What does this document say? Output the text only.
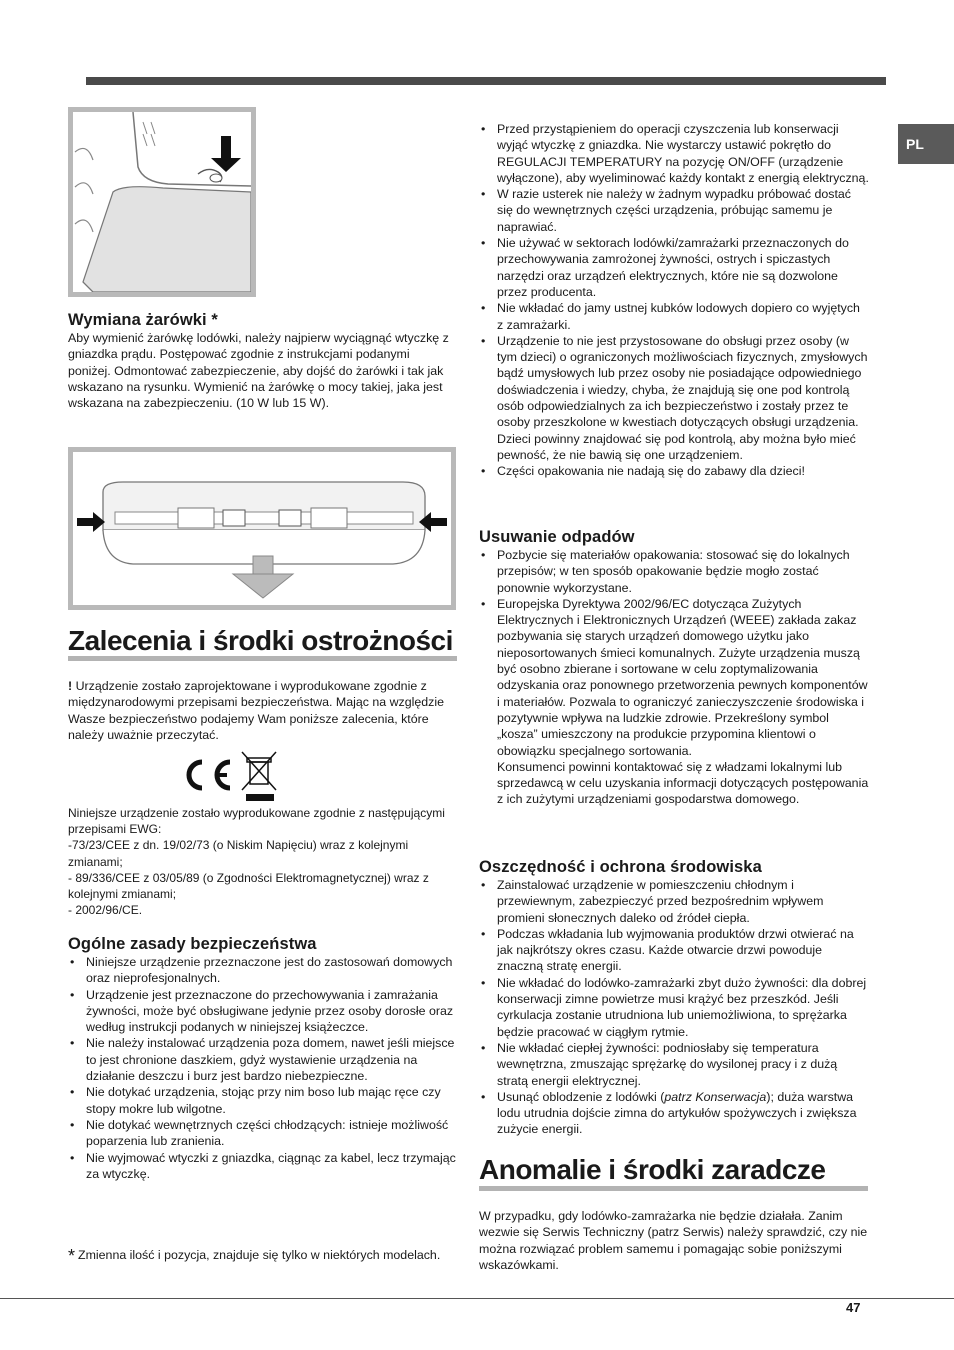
PL
Wymiana żarówki *

Aby wymienić żarówkę lodówki, należy najpierw wyciągnąć wtyczkę z gniazdka prądu. Postępować zgodnie z instrukcjami podanymi poniżej. Odmontować zabezpieczenie, aby dojść do żarówki i tak jak wskazano na rysunku. Wymienić na żarówkę o mocy takiej, jaka jest wskazana na zabezpieczeniu. (10 W lub 15 W).

Zalecenia i środki ostrożności

! Urządzenie zostało zaprojektowane i wyprodukowane zgodnie z międzynarodowymi przepisami bezpieczeństwa. Mając na względzie Wasze bezpieczeństwo podajemy Wam poniższe zalecenia, które należy uważnie przeczytać.

Niniejsze urządzenie zostało wyprodukowane zgodnie z następującymi przepisami EWG:

-73/23/CEE z dn. 19/02/73 (o Niskim Napięciu) wraz z kolejnymi zmianami;

- 89/336/CEE z 03/05/89 (o Zgodności Elektromagnetycznej) wraz z kolejnymi zmianami;

- 2002/96/CE.

Ogólne zasady bezpieczeństwa
• Niniejsze urządzenie przeznaczone jest do zastosowań domowych oraz nieprofesjonalnych.
• Urządzenie jest przeznaczone do przechowywania i zamrażania żywności, może być obsługiwane jedynie przez osoby dorosłe oraz według instrukcji podanych w niniejszej książeczce.
• Nie należy instalować urządzenia poza domem, nawet jeśli miejsce to jest chronione daszkiem, gdyż wystawienie urządzenia na działanie deszczu i burz jest bardzo niebezpieczne.
• Nie dotykać urządzenia, stojąc przy nim boso lub mając ręce czy stopy mokre lub wilgotne.
• Nie dotykać wewnętrznych części chłodzących: istnieje możliwość poparzenia lub zranienia.
• Nie wyjmować wtyczki z gniazdka, ciągnąc za kabel, lecz trzymając za wtyczkę.
* Zmienna ilość i pozycja, znajduje się tylko w niektórych modelach.
• Przed przystąpieniem do operacji czyszczenia lub konserwacji wyjąć wtyczkę z gniazdka. Nie wystarczy ustawić pokrętło do REGULACJI TEMPERATURY na pozycję ON/OFF (urządzenie wyłączone), aby wyeliminować każdy kontakt z energią elektryczną.
• W razie usterek nie należy w żadnym wypadku próbować dostać się do wewnętrznych części urządzenia, próbując samemu je naprawiać.
• Nie używać w sektorach lodówki/zamrażarki przeznaczonych do przechowywania zamrożonej żywności, ostrych i spiczastych narzędzi oraz urządzeń elektrycznych, które nie są dozwolone przez producenta.
• Nie wkładać do jamy ustnej kubków lodowych dopiero co wyjętych z zamrażarki.
• Urządzenie to nie jest przystosowane do obsługi przez osoby (w tym dzieci) o ograniczonych możliwościach fizycznych, zmysłowych bądź umysłowych lub przez osoby nie posiadające odpowiedniego doświadczenia i wiedzy, chyba, że znajdują się one pod kontrolą osób odpowiedzialnych za ich bezpieczeństwo i zostały przez te osoby przeszkolone w kwestiach dotyczących obsługi urządzenia. Dzieci powinny znajdować się pod kontrolą, aby można było mieć pewność, że nie bawią się one urządzeniem.
• Części opakowania nie nadają się do zabawy dla dzieci!
Usuwanie odpadów
• Pozbycie się materiałów opakowania: stosować się do lokalnych przepisów; w ten sposób opakowanie będzie mogło zostać ponownie wykorzystane.
• Europejska Dyrektywa 2002/96/EC dotycząca Zużytych Elektrycznych i Elektronicznych Urządzeń (WEEE) zakłada zakaz pozbywania się starych urządzeń domowego użytku jako nieposortowanych śmieci komunalnych. Zużyte urządzenia muszą być osobno zbierane i sortowane w celu zoptymalizowania odzyskania oraz ponownego przetworzenia pewnych komponentów i materiałów. Pozwala to ograniczyć zanieczyszczenie środowiska i pozytywnie wpływa na ludzkie zdrowie. Przekreślony symbol „kosza” umieszczony na produkcie przypomina klientowi o obowiązku specjalnego sortowania.

Konsumenci powinni kontaktować się z władzami lokalnymi lub sprzedawcą w celu uzyskania informacji dotyczących postępowania z ich zużytymi urządzeniami gospodarstwa domowego.

Oszczędność i ochrona środowiska
• Zainstalować urządzenie w pomieszczeniu chłodnym i przewiewnym, zabezpieczyć przed bezpośrednim wpływem promieni słonecznych daleko od źródeł ciepła.
• Podczas wkładania lub wyjmowania produktów drzwi otwierać na jak najkrótszy okres czasu. Każde otwarcie drzwi powoduje znaczną stratę energii.
• Nie wkładać do lodówko-zamrażarki zbyt dużo żywności: dla dobrej konserwacji zimne powietrze musi krążyć bez przeszkód. Jeśli cyrkulacja zostanie utrudniona lub uniemożliwiona, to sprężarka będzie pracować w ciągłym rytmie.
• Nie wkładać ciepłej żywności: podniosłaby się temperatura wewnętrzna, zmuszając sprężarkę do wysilonej pracy i z dużą stratą energii elektrycznej.
• Usunąć oblodzenie z lodówki (patrz Konserwacja); duża warstwa lodu utrudnia dojście zimna do artykułów spożywczych i zwiększa zużycie energii.
Anomalie i środki zaradcze

W przypadku, gdy lodówko-zamrażarka nie będzie działała. Zanim wezwie się Serwis Techniczny (patrz Serwis) należy sprawdzić, czy nie można rozwiązać problem samemu i pomagając sobie poniższymi wskazówkami.

47
